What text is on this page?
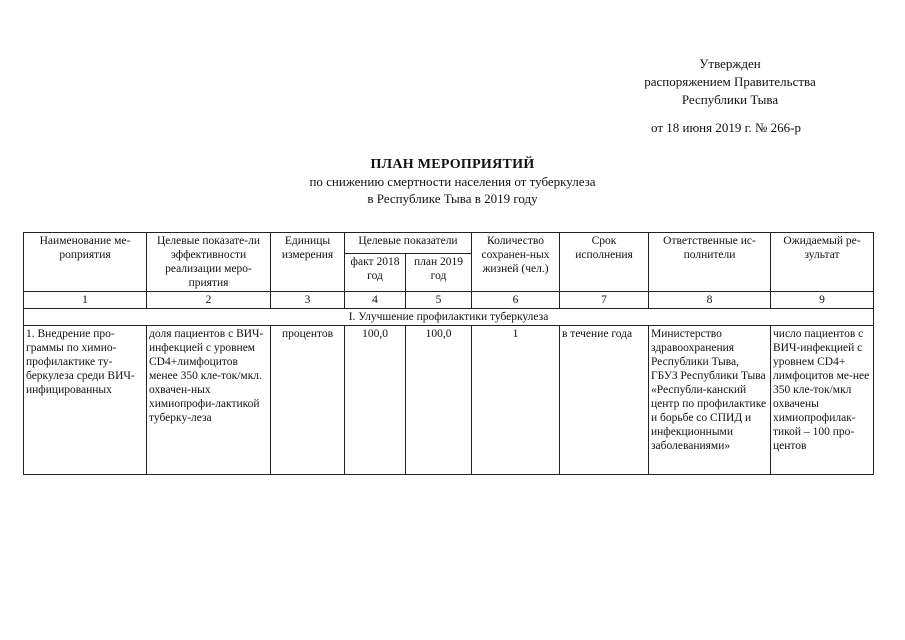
Утвержден
распоряжением Правительства
Республики Тыва
от 18 июня 2019 г. № 266-р
ПЛАН МЕРОПРИЯТИЙ
по снижению смертности населения от туберкулеза
в Республике Тыва в 2019 году
Наименование ме-роприятия	Целевые показате-ли эффективности реализации меро-приятия	Единицы измерения	Целевые показатели		Количество сохранен-ных жизней (чел.)	Срок исполнения	Ответственные ис-полнители	Ожидаемый ре-зультат
			факт 2018 год	план 2019 год				
1	2	3	4	5	6	7	8	9
I. Улучшение профилактики туберкулеза								
1. Внедрение про-граммы по химио-профилактике ту-беркулеза среди ВИЧ-инфицированных	доля пациентов с ВИЧ-инфекцией с уровнем CD4+лимфоцитов менее 350 кле-ток/мкл. охвачен-ных химиопрофи-лактикой туберку-леза	процентов	100,0	100,0	1	в течение года	Министерство здравоохранения Республики Тыва, ГБУЗ Республики Тыва «Республи-канский центр по профилактике и борьбе со СПИД и инфекционными заболеваниями»	число пациентов с ВИЧ-инфекцией с уровнем CD4+ лимфоцитов ме-нее 350 кле-ток/мкл охвачены химиопрофилак-тикой – 100 про-центов
